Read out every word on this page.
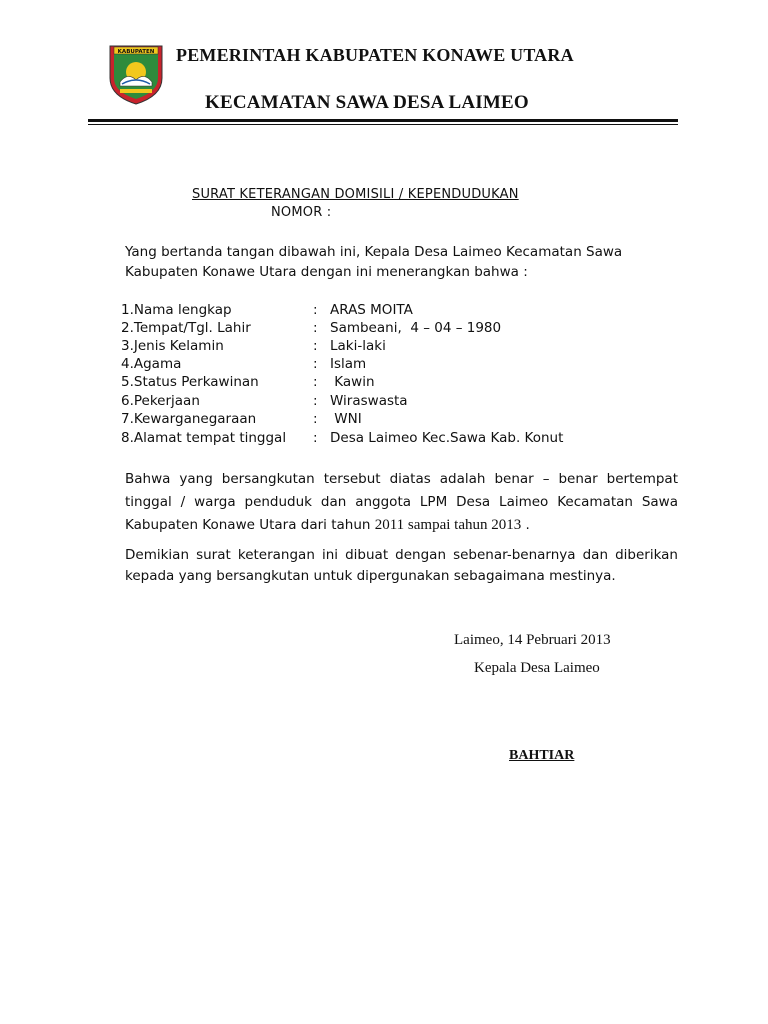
KABUPATEN PEMERINTAH KABUPATEN KONAWE UTARA
KECAMATAN SAWA DESA LAIMEO
SURAT KETERANGAN DOMISILI / KEPENDUDUKAN
NOMOR :
Yang bertanda tangan dibawah ini, Kepala Desa Laimeo Kecamatan Sawa
Kabupaten Konawe Utara dengan ini menerangkan bahwa :
1.Nama lengkap	: ARAS MOITA
2.Tempat/Tgl. Lahir	: Sambeani,  4 – 04 – 1980
3.Jenis Kelamin	: Laki-laki
4.Agama	: Islam
5.Status Perkawinan	: Kawin
6.Pekerjaan	: Wiraswasta
7.Kewarganegaraan	: WNI
8.Alamat tempat tinggal : Desa Laimeo Kec.Sawa Kab. Konut
Bahwa yang bersangkutan tersebut diatas adalah benar – benar bertempat
tinggal / warga penduduk dan anggota LPM Desa Laimeo Kecamatan Sawa
Kabupaten Konawe Utara dari tahun 2011 sampai tahun 2013 .
Demikian surat keterangan ini dibuat dengan sebenar-benarnya dan diberikan
kepada yang bersangkutan untuk dipergunakan sebagaimana mestinya.
Laimeo, 14 Pebruari 2013
Kepala Desa Laimeo
BAHTIAR
